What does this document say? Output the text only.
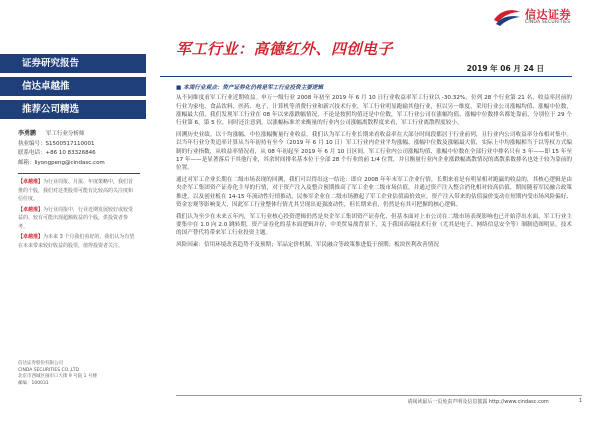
信达证券
CINDA SECURITIES
证券研究报告
信达卓越推
推荐公司精选
李勇鹏 军工行业分析师
执业编号：S1500517110001
联系电话：+86 10 83326846
邮箱：liyongpeng@cindasc.com

【卓越推】为行业周报、月报、年度策略中，我们首推的个股，我们对这类股票可能有比较高的关注度和信任度。

【卓越推】为行业周报中，行业近期发展较好或较受益的、较有可能出现超额收益的个股，供投资者参考。

【卓越推】为未来 3 个月我们看好的，我们认为有望在未来带来较好收益的股票，值得投资者关注。

信达证券股份有限公司
CINDA SECURITIES CO.,LTD
北京市西城区闹市口大街 9 号院 1 号楼
邮编：100031
军工行业：高德红外、四创电子
2019 年 06 月 24 日

■ 本周行业观点：资产证券化仍将是军工行业投资主要逻辑

从不同维度看军工行业近期收益。申万一级行业 2008 年初至 2019 年 6 月 10 日行业收益率军工行业以 -30.32%，位列 28 个行业第 21 名，收益率居前的行业为家电、食品饮料、医药、电子、计算机等消费行业和新兴技术行业，军工行业明显跑输其他行业，但以另一维度，采用行业公司涨幅均值、涨幅中位数，涨幅最大值，我们发现军工行业在 08 年以来涨跌幅情况，不论是按照均值还是中位数，军工行业公司在涨幅均值、涨幅中位数排名都处靠前，分别位于 29 个行业第 6，第 5 位，同时还注意到，以涨幅标准差来衡量的行业内公司涨幅离散程度来看，军工行业离散程度较小。

回溯历史业绩，以十均涨幅、中位涨幅衡量行业收益，我们认为军工行业长期来看收益率在大部分时间段都居于行业前列，且行业内公司收益率分布相对集中。以当年行业分类追率计算从当年初持有至今（2019 年 6 月 10 日）军工行业内企业平均涨幅、涨幅中位数及涨幅最大值，实际上中均涨幅相当于以等权方式编制的行业指数，从收益率情况看，从 08 年初起至 2019 年 6 月 10 日区间，军工行业内公司涨幅均值、涨幅中位数在全部行业中排名只有 3 年——即 15 年至 17 年——是显著落后于其他行业，其余时间排名基本位于全部 28 个行业的前 1/4 位置，并且衡量行业内企业涨跌幅离散情况的离散系数排名也处于较为靠前的位置。

通过对军工企业长期在二级市场表现的回溯，我们可以得出这一结论：即自 2008 年年末军工企业行情，长期来看是有明显相对跑赢的收益的，其核心逻辑是由央企军工集团资产证券化主导的行情，对于资产注入及整合预期推高了军工企业二级市场估值，并通过资产注入整合消化相对较高估值，期间随着军民融合政策推进，以及创业板在 14-15 年流动性行情推动，民参军企业在二级市场掀起了军工企业估值溢价效应，资产注入带来的估值溢价变动在短期内受市场风险偏好、资金宏观等影响变大，因此军工行业整体行情尤其呈现出更强波动性，但长期来看，仍然是有其可把握的核心逻辑。

我们认为至少在未来五年内，军工行业核心投资逻辑仍然是央企军工集团资产证券化，但基本面对上市公司在二级市场表现影响也已开始浮出水面，军工行业主要集中在 1.0 向 2.0 跳转期，资产证券化的基本面逻辑并存，中美贸易战背景下，关于我国高端技术行业（尤其是电子、网络信息安全等）制制造图明显，技术的国产替代将带来军工行业投资主题。

风险因素：信用环境改善趋势不及预期；军品定价机制、军民融合等政策推进低于预期；板块医利改善情况

请阅读最后一页免责声明及信息披露 http://www.cindasc.com	1
